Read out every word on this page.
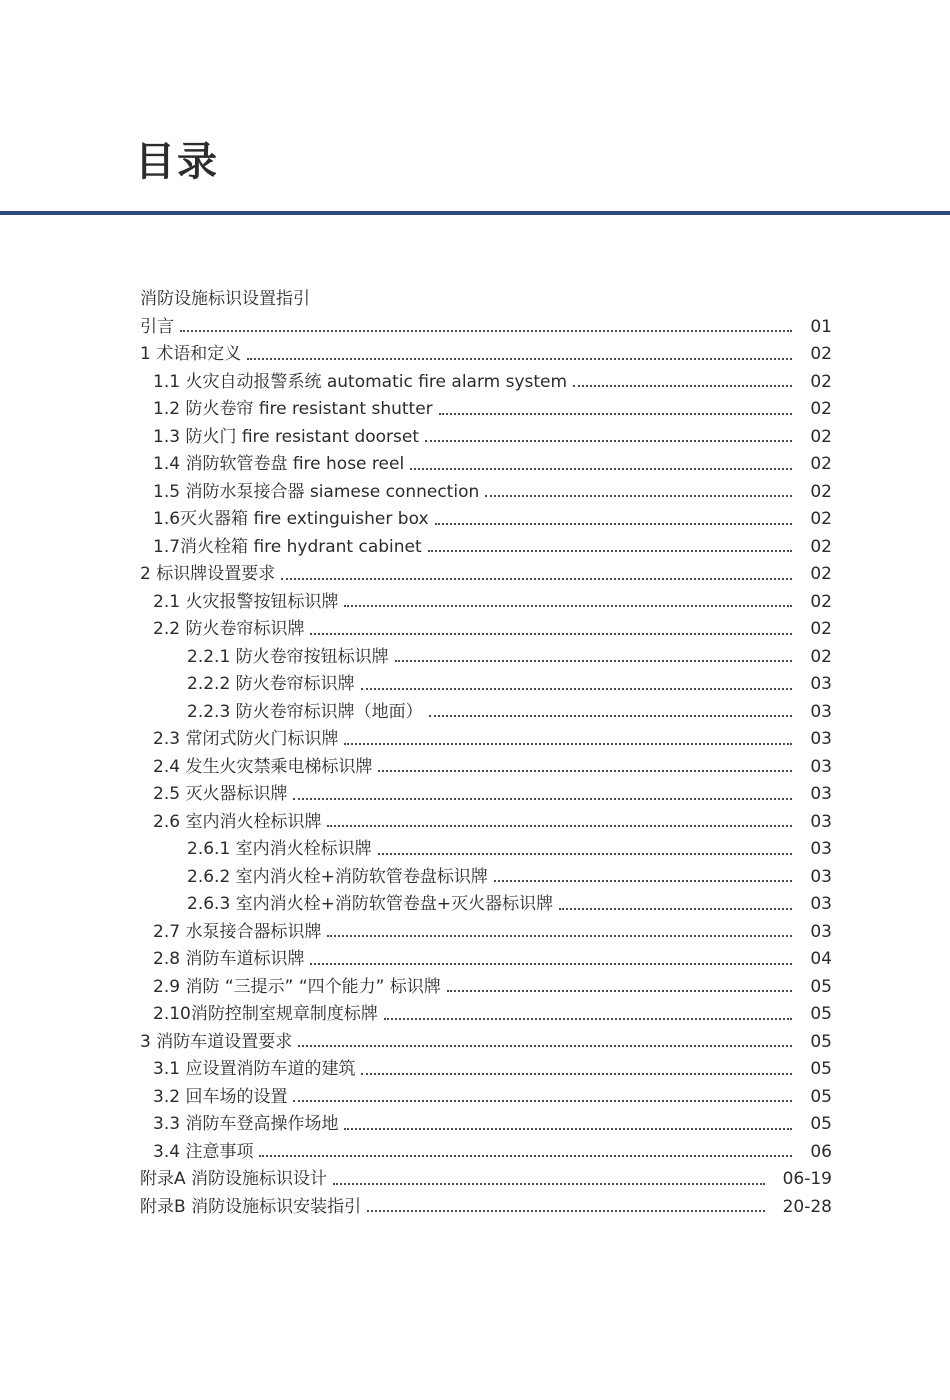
目录
消防设施标识设置指引
引言	01
1 术语和定义	02
1.1 火灾自动报警系统 automatic fire alarm system	02
1.2 防火卷帘 fire resistant shutter	02
1.3 防火门 fire resistant doorset	02
1.4 消防软管卷盘 fire hose reel	02
1.5 消防水泵接合器 siamese connection	02
1.6灭火器箱 fire extinguisher box	02
1.7消火栓箱 fire hydrant cabinet	02
2 标识牌设置要求	02
2.1 火灾报警按钮标识牌	02
2.2 防火卷帘标识牌	02
2.2.1 防火卷帘按钮标识牌	02
2.2.2 防火卷帘标识牌	03
2.2.3 防火卷帘标识牌（地面）	03
2.3 常闭式防火门标识牌	03
2.4 发生火灾禁乘电梯标识牌	03
2.5 灭火器标识牌	03
2.6 室内消火栓标识牌	03
2.6.1 室内消火栓标识牌	03
2.6.2 室内消火栓+消防软管卷盘标识牌	03
2.6.3 室内消火栓+消防软管卷盘+灭火器标识牌	03
2.7 水泵接合器标识牌	03
2.8 消防车道标识牌	04
2.9 消防 “三提示” “四个能力” 标识牌	05
2.10消防控制室规章制度标牌	05
3 消防车道设置要求	05
3.1 应设置消防车道的建筑	05
3.2 回车场的设置	05
3.3 消防车登高操作场地	05
3.4 注意事项	06
附录A 消防设施标识设计	06-19
附录B 消防设施标识安装指引	20-28
